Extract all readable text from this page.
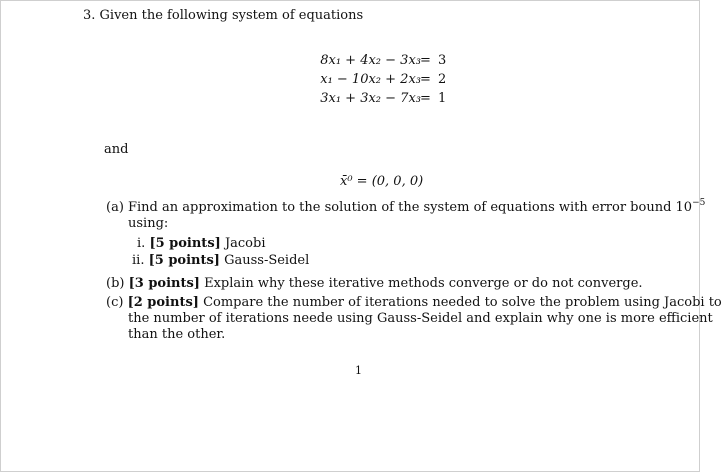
3. Given the following system of equations
8x₁ + 4x₂ − 3x₃ = 3
x₁ − 10x₂ + 2x₃ = 2
3x₁ + 3x₂ − 7x₃ = 1
and
x̄⁰ = (0, 0, 0)
(a) Find an approximation to the solution of the system of equations with error bound $10^{-5}$
using:
i. [5 points] Jacobi
ii. [5 points] Gauss-Seidel
(b) [3 points] Explain why these iterative methods converge or do not converge.
(c) [2 points] Compare the number of iterations needed to solve the problem using Jacobi to
the number of iterations neede using Gauss-Seidel and explain why one is more efficient
than the other.
1
